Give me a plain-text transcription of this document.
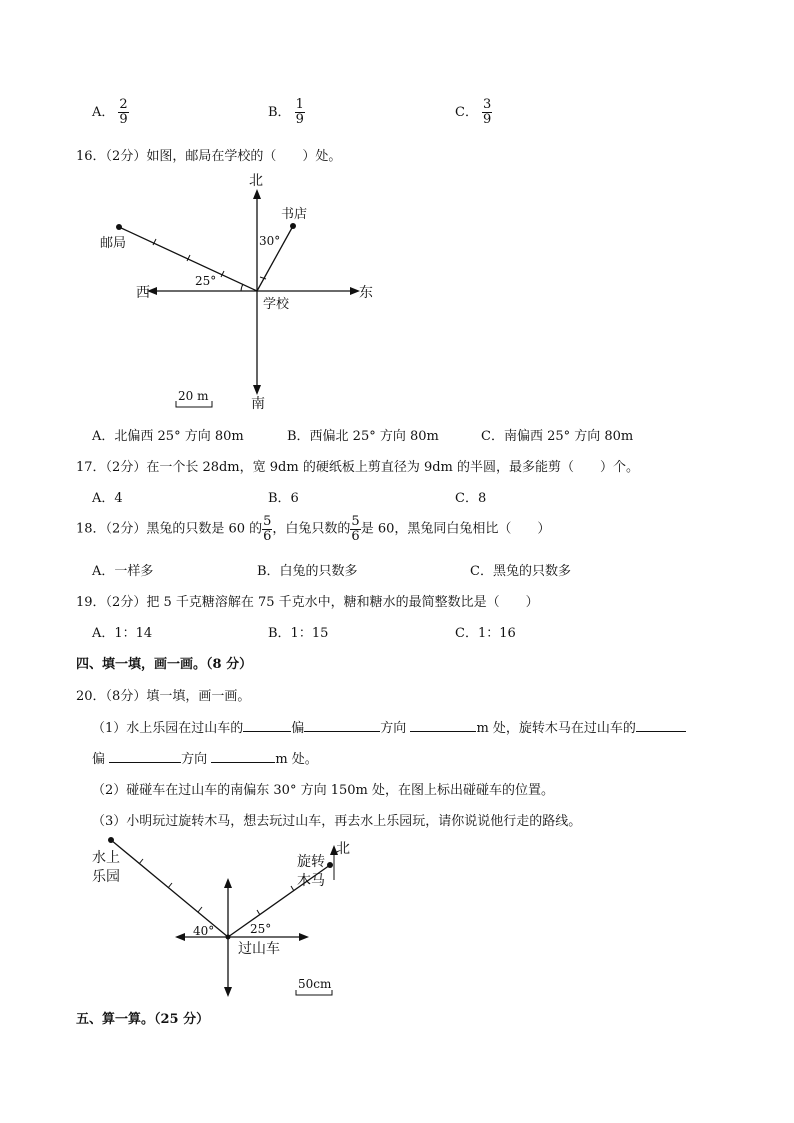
A． $\frac{2}{9}$	B． $\frac{1}{9}$	C． $\frac{3}{9}$
16．（2分）如图，邮局在学校的（　　）处。
北
南
西	东
学校
邮局
书店
25°
30°
20 m
A．北偏西 25° 方向 80m	B．西偏北 25° 方向 80m	C．南偏西 25° 方向 80m
17．（2分）在一个长 28dm，宽 9dm 的硬纸板上剪直径为 9dm 的半圆，最多能剪（　　）个。
A．4	B．6	C．8
18．（2分）黑兔的只数是 60 的 $\frac{5}{6}$ ，白兔只数的 $\frac{5}{6}$ 是 60，黑兔同白兔相比（　　）
A．一样多	B．白兔的只数多	C．黑兔的只数多
19．（2分）把 5 千克糖溶解在 75 千克水中，糖和糖水的最简整数比是（　　）
A．1：14	B．1：15	C．1：16
四、填一填，画一画。（8 分）
20．（8分）填一填，画一画。
（1）水上乐园在过山车的	偏	方向	m 处，旋转木马在过山车的
偏	方向	m 处。
（2）碰碰车在过山车的南偏东 30° 方向 150m 处，在图上标出碰碰车的位置。
（3）小明玩过旋转木马，想去玩过山车，再去水上乐园玩，请你说说他行走的路线。
水上
乐园
旋转
木马
北
过山车
40°	25°
50cm
五、算一算。（25 分）
